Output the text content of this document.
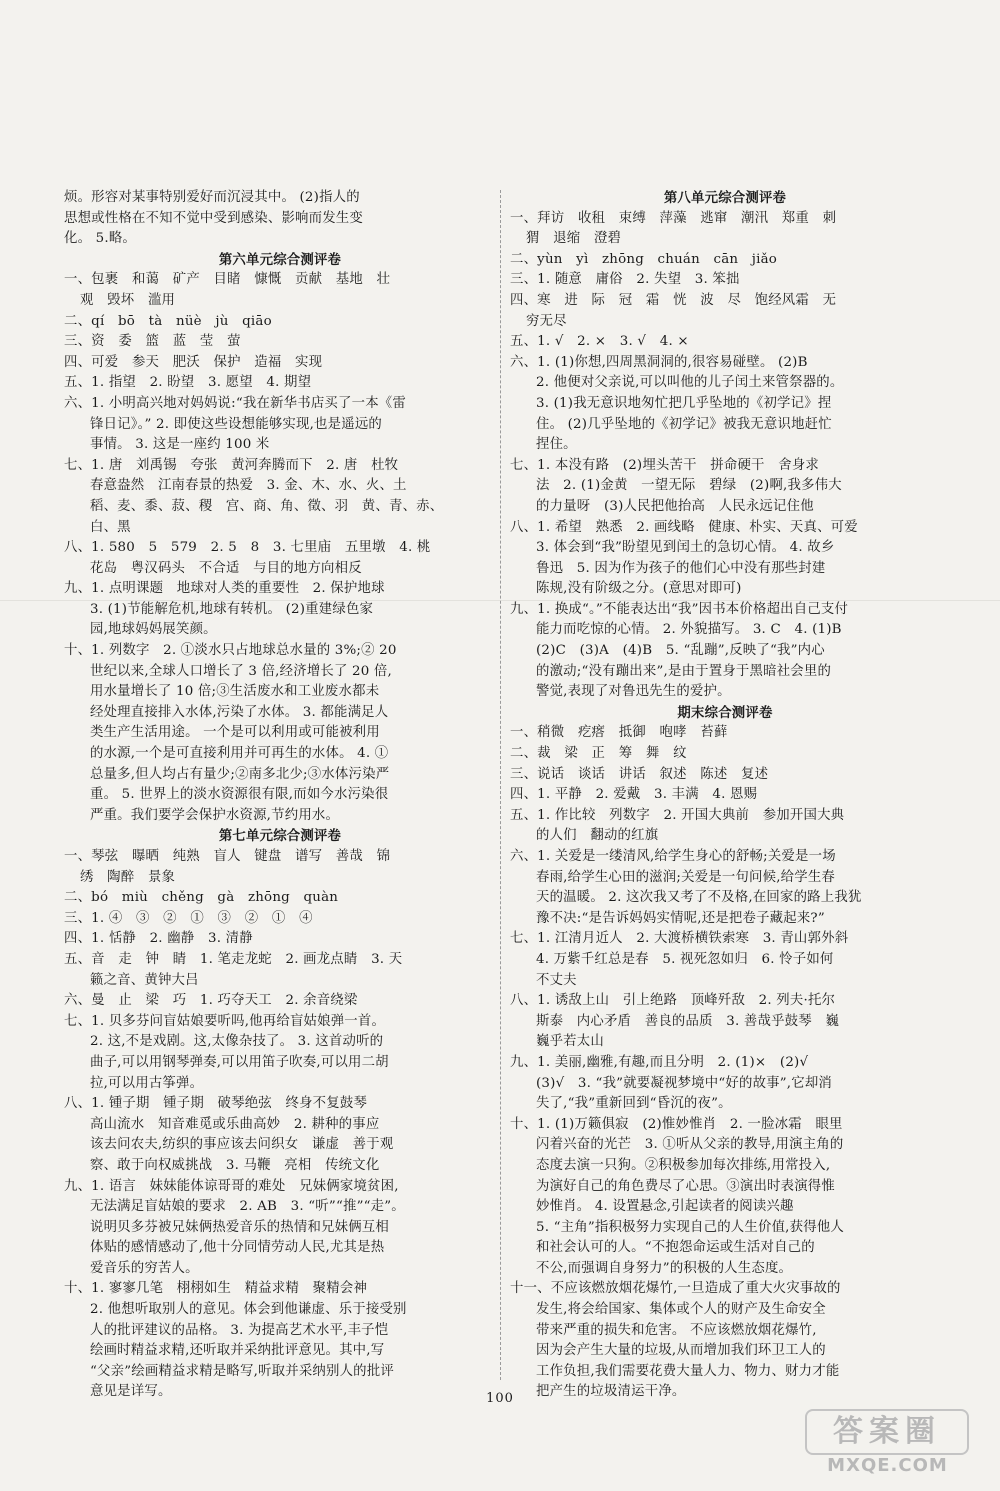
烦。形容对某事特别爱好而沉浸其中。 (2)指人的
思想或性格在不知不觉中受到感染、影响而发生变
化。 5.略。
第六单元综合测评卷
一、包裹　和蔼　矿产　目睹　慷慨　贡献　基地　壮
观　毁坏　滥用
二、qí　bō　tà　nüè　jù　qiāo
三、资　委　篮　蓝　莹　萤
四、可爱　参天　肥沃　保护　造福　实现
五、1. 指望　2. 盼望　3. 愿望　4. 期望
六、1. 小明高兴地对妈妈说:“我在新华书店买了一本《雷
锋日记》。” 2. 即使这些设想能够实现,也是遥远的
事情。 3. 这是一座约 100 米
七、1. 唐　刘禹锡　夸张　黄河奔腾而下　2. 唐　杜牧
春意盎然　江南春景的热爱　3. 金、木、水、火、土
稻、麦、黍、菽、稷　宫、商、角、徵、羽　黄、青、赤、
白、黑
八、1. 580　5　579　2. 5　8　3. 七里庙　五里墩　4. 桃
花岛　粤汉码头　不合适　与目的地方向相反
九、1. 点明课题　地球对人类的重要性　2. 保护地球
3. (1)节能解危机,地球有转机。 (2)重建绿色家
园,地球妈妈展笑颜。
十、1. 列数字　2. ①淡水只占地球总水量的 3%;② 20
世纪以来,全球人口增长了 3 倍,经济增长了 20 倍,
用水量增长了 10 倍;③生活废水和工业废水都未
经处理直接排入水体,污染了水体。 3. 都能满足人
类生产生活用途。 一个是可以利用或可能被利用
的水源,一个是可直接利用并可再生的水体。 4. ①
总量多,但人均占有量少;②南多北少;③水体污染严
重。 5. 世界上的淡水资源很有限,而如今水污染很
严重。我们要学会保护水资源,节约用水。
第七单元综合测评卷
一、琴弦　曝晒　纯熟　盲人　键盘　谱写　善哉　锦
绣　陶醉　景象
二、bó　miù　chěng　gà　zhōng　quàn
三、1. ④　③　②　①　③　②　①　④
四、1. 恬静　2. 幽静　3. 清静
五、音　走　钟　睛　1. 笔走龙蛇　2. 画龙点睛　3. 天
籁之音、黄钟大吕
六、曼　止　梁　巧　1. 巧夺天工　2. 余音绕梁
七、1. 贝多芬问盲姑娘要听吗,他再给盲姑娘弹一首。
2. 这,不是戏剧。这,太像杂技了。 3. 这首动听的
曲子,可以用钢琴弹奏,可以用笛子吹奏,可以用二胡
拉,可以用古筝弹。
八、1. 锺子期　锺子期　破琴绝弦　终身不复鼓琴
高山流水　知音难觅或乐曲高妙　2. 耕种的事应
该去问农夫,纺织的事应该去问织女　谦虚　善于观
察、敢于向权威挑战　3. 马鞭　亮相　传统文化
九、1. 语言　妹妹能体谅哥哥的难处　兄妹俩家境贫困,
无法满足盲姑娘的要求　2. AB　3. “听”“推”“走”。
说明贝多芬被兄妹俩热爱音乐的热情和兄妹俩互相
体贴的感情感动了,他十分同情劳动人民,尤其是热
爱音乐的穷苦人。
十、1. 寥寥几笔　栩栩如生　精益求精　聚精会神
2. 他想听取别人的意见。体会到他谦虚、乐于接受别
人的批评建议的品格。 3. 为提高艺术水平,丰子恺
绘画时精益求精,还听取并采纳批评意见。其中,写
“父亲”绘画精益求精是略写,听取并采纳别人的批评
意见是详写。
第八单元综合测评卷
一、拜访　收租　束缚　萍藻　逃窜　潮汛　郑重　刺
猬　退缩　澄碧
二、yùn　yì　zhōng　chuán　cān　jiǎo
三、1. 随意　庸俗　2. 失望　3. 笨拙
四、寒　进　际　冠　霜　恍　波　尽　饱经风霜　无
穷无尽
五、1. √　2. ×　3. √　4. ×
六、1. (1)你想,四周黑洞洞的,很容易碰壁。 (2)B
2. 他便对父亲说,可以叫他的儿子闰土来管祭器的。
3. (1)我无意识地匆忙把几乎坠地的《初学记》捏
住。 (2)几乎坠地的《初学记》被我无意识地赶忙
捏住。
七、1. 本没有路　(2)埋头苦干　拼命硬干　舍身求
法　2. (1)金黄　一望无际　碧绿　(2)啊,我多伟大
的力量呀　(3)人民把他抬高　人民永远记住他
八、1. 希望　熟悉　2. 画线略　健康、朴实、天真、可爱
3. 体会到“我”盼望见到闰土的急切心情。 4. 故乡
鲁迅　5. 因为作为孩子的他们心中没有那些封建
陈规,没有阶级之分。(意思对即可)
九、1. 换成“。”不能表达出“我”因书本价格超出自己支付
能力而吃惊的心情。 2. 外貌描写。 3. C　4. (1)B
(2)C　(3)A　(4)B　5. “乱蹦”,反映了“我”内心
的激动;“没有蹦出来”,是由于置身于黑暗社会里的
警觉,表现了对鲁迅先生的爱护。
期末综合测评卷
一、稍微　疙瘩　抵御　咆哮　苔藓
二、裁　梁　正　筹　舞　纹
三、说话　谈话　讲话　叙述　陈述　复述
四、1. 平静　2. 爱戴　3. 丰满　4. 恩赐
五、1. 作比较　列数字　2. 开国大典前　参加开国大典
的人们　翻动的红旗
六、1. 关爱是一缕清风,给学生身心的舒畅;关爱是一场
春雨,给学生心田的滋润;关爱是一句问候,给学生春
天的温暖。 2. 这次我又考了不及格,在回家的路上我犹
豫不决:“是告诉妈妈实情呢,还是把卷子藏起来?”
七、1. 江清月近人　2. 大渡桥横铁索寒　3. 青山郭外斜
4. 万紫千红总是春　5. 视死忽如归　6. 怜子如何
不丈夫
八、1. 诱敌上山　引上绝路　顶峰歼敌　2. 列夫·托尔
斯泰　内心矛盾　善良的品质　3. 善哉乎鼓琴　巍
巍乎若太山
九、1. 美丽,幽雅,有趣,而且分明　2. (1)×　(2)√
(3)√　3. “我”就要凝视梦境中“好的故事”,它却消
失了,“我”重新回到“昏沉的夜”。
十、1. (1)万籁俱寂　(2)惟妙惟肖　2. 一脸冰霜　眼里
闪着兴奋的光芒　3. ①听从父亲的教导,用演主角的
态度去演一只狗。②积极参加每次排练,用常投入,
为演好自己的角色费尽了心思。③演出时表演得惟
妙惟肖。 4. 设置悬念,引起读者的阅读兴趣
5. “主角”指积极努力实现自己的人生价值,获得他人
和社会认可的人。“不抱怨命运或生活对自己的
不公,而强调自身努力”的积极的人生态度。
十一、不应该燃放烟花爆竹,一旦造成了重大火灾事故的
发生,将会给国家、集体或个人的财产及生命安全
带来严重的损失和危害。 不应该燃放烟花爆竹,
因为会产生大量的垃圾,从而增加我们环卫工人的
工作负担,我们需要花费大量人力、物力、财力才能
把产生的垃圾清运干净。
100
答案圈
MXQE.COM
